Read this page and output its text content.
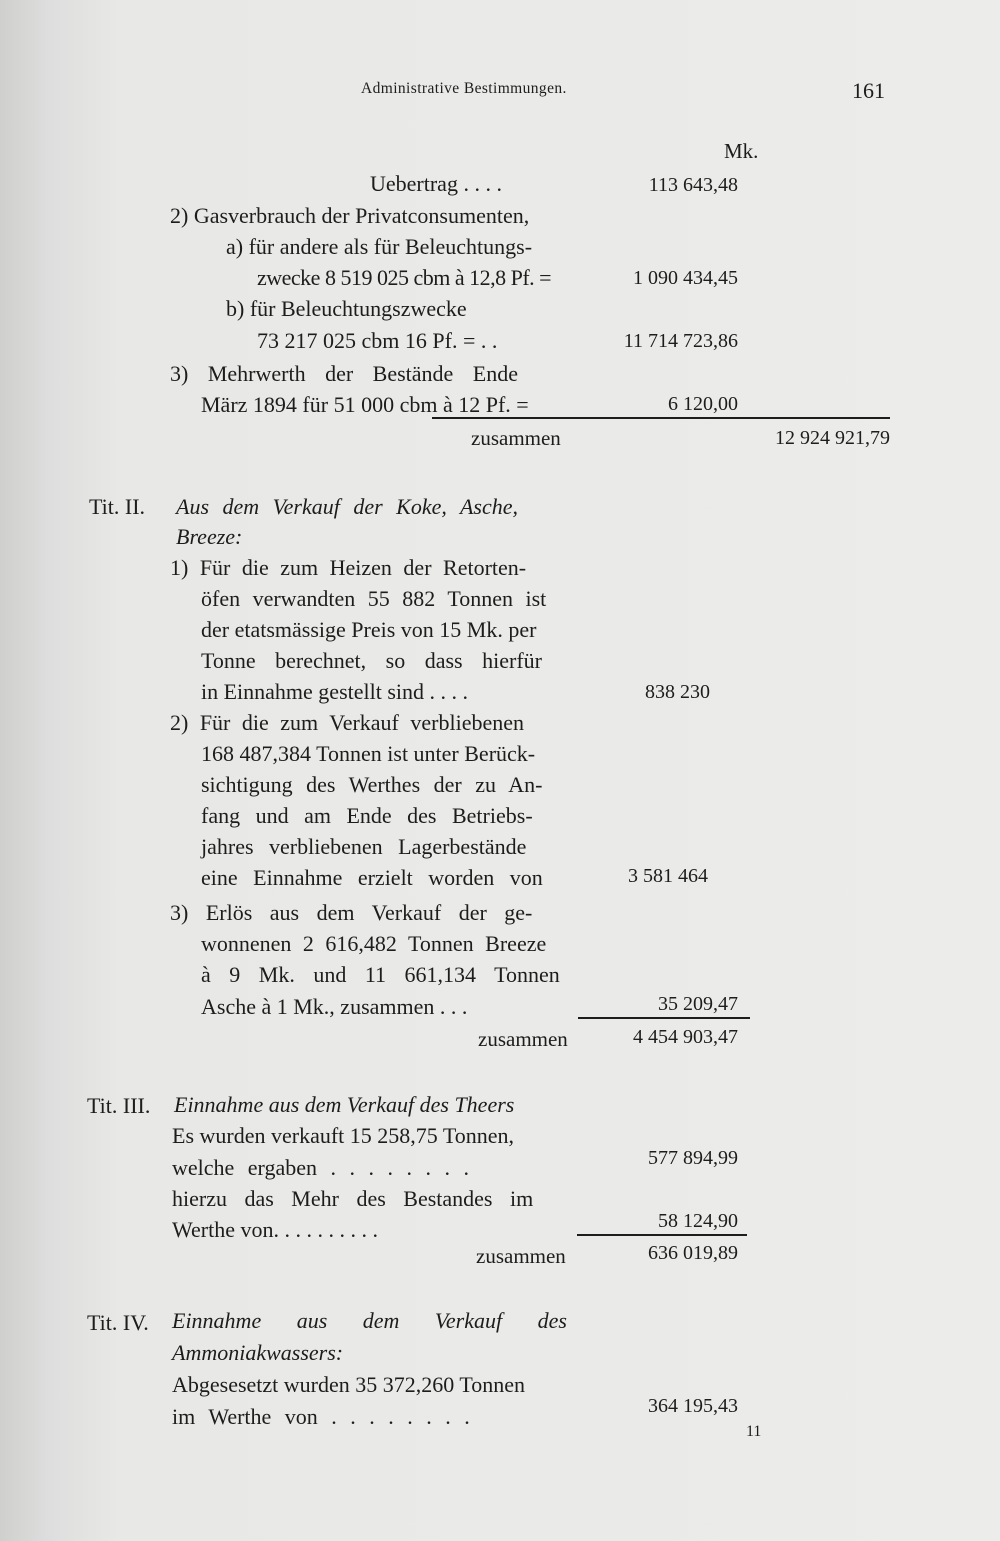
Administrative Bestimmungen.	161
Mk.
Uebertrag . . . .	113 643,48
2) Gasverbrauch der Privatconsumenten,
a) für andere als für Beleuchtungs-
zwecke 8 519 025 cbm à 12,8 Pf. =	1 090 434,45
b) für Beleuchtungszwecke
73 217 025 cbm 16 Pf. = . .	11 714 723,86
3) Mehrwerth der Bestände Ende
März 1894 für 51 000 cbm à 12 Pf. =	6 120,00
zusammen	12 924 921,79
Tit. II. Aus dem Verkauf der Koke, Asche,
Breeze:
1) Für die zum Heizen der Retorten-
öfen verwandten 55 882 Tonnen ist
der etatsmässige Preis von 15 Mk. per
Tonne berechnet, so dass hierfür
in Einnahme gestellt sind . . . .	838 230
2) Für die zum Verkauf verbliebenen
168 487,384 Tonnen ist unter Berück-
sichtigung des Werthes der zu An-
fang und am Ende des Betriebs-
jahres verbliebenen Lagerbestände
eine Einnahme erzielt worden von	3 581 464
3) Erlös aus dem Verkauf der ge-
wonnenen 2 616,482 Tonnen Breeze
à 9 Mk. und 11 661,134 Tonnen
Asche à 1 Mk., zusammen . . .	35 209,47
zusammen	4 454 903,47
Tit. III. Einnahme aus dem Verkauf des Theers
Es wurden verkauft 15 258,75 Tonnen,
welche ergaben . . . . . . . .	577 894,99
hierzu das Mehr des Bestandes im
Werthe von. . . . . . . . . .	58 124,90
zusammen	636 019,89
Tit. IV. Einnahme aus dem Verkauf des
Ammoniakwassers:
Abgesesetzt wurden 35 372,260 Tonnen
im Werthe von . . . . . . . .	364 195,43
11
